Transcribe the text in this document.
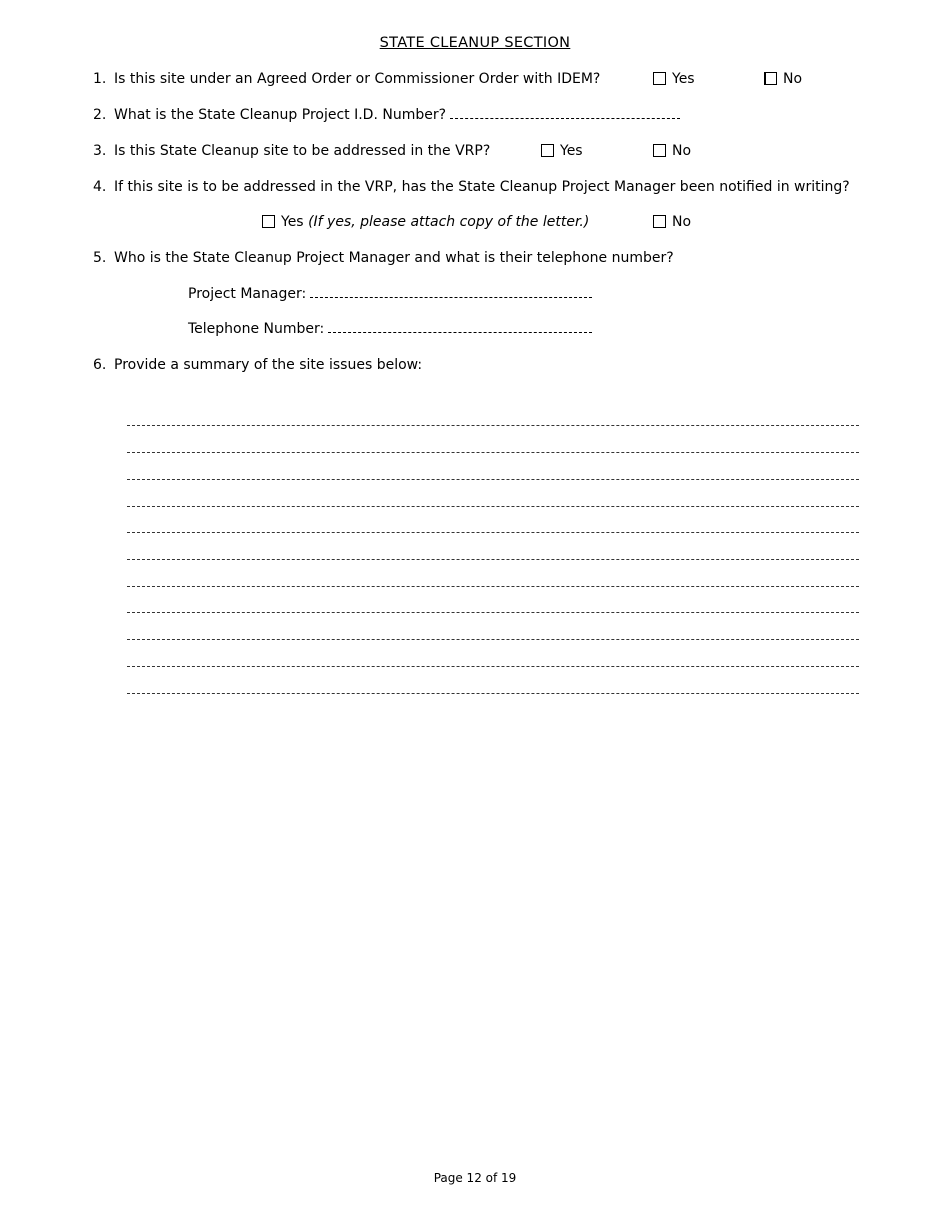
STATE CLEANUP SECTION
1. Is this site under an Agreed Order or Commissioner Order with IDEM?	Yes	No
2. What is the State Cleanup Project I.D. Number?
3. Is this State Cleanup site to be addressed in the VRP?	Yes	No
4. If this site is to be addressed in the VRP, has the State Cleanup Project Manager been notified in writing?
Yes (If yes, please attach copy of the letter.)	No
5. Who is the State Cleanup Project Manager and what is their telephone number?
Project Manager:
Telephone Number:
6. Provide a summary of the site issues below:
Page 12 of 19
